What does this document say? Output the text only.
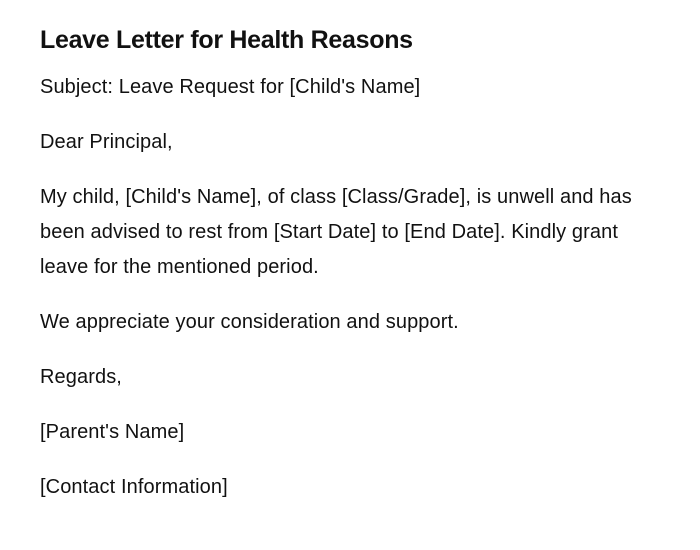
Leave Letter for Health Reasons

Subject: Leave Request for [Child's Name]

Dear Principal,

My child, [Child's Name], of class [Class/Grade], is unwell and has been advised to rest from [Start Date] to [End Date]. Kindly grant leave for the mentioned period.

We appreciate your consideration and support.

Regards,

[Parent's Name]

[Contact Information]
